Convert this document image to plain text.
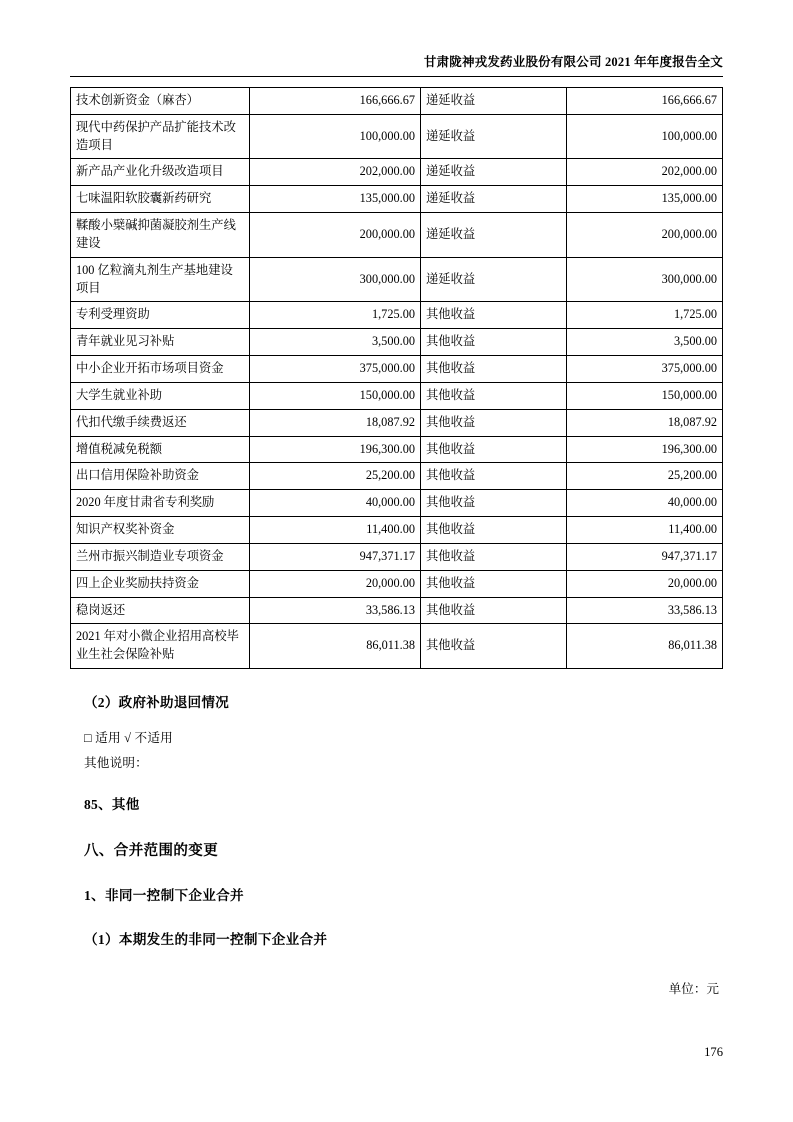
甘肃陇神戎发药业股份有限公司 2021 年年度报告全文
技术创新资金（麻杏）	166,666.67	递延收益	166,666.67
现代中药保护产品扩能技术改造项目	100,000.00	递延收益	100,000.00
新产品产业化升级改造项目	202,000.00	递延收益	202,000.00
七味温阳软胶囊新药研究	135,000.00	递延收益	135,000.00
鞣酸小檗碱抑菌凝胶剂生产线建设	200,000.00	递延收益	200,000.00
100 亿粒滴丸剂生产基地建设项目	300,000.00	递延收益	300,000.00
专利受理资助	1,725.00	其他收益	1,725.00
青年就业见习补贴	3,500.00	其他收益	3,500.00
中小企业开拓市场项目资金	375,000.00	其他收益	375,000.00
大学生就业补助	150,000.00	其他收益	150,000.00
代扣代缴手续费返还	18,087.92	其他收益	18,087.92
增值税减免税额	196,300.00	其他收益	196,300.00
出口信用保险补助资金	25,200.00	其他收益	25,200.00
2020 年度甘肃省专利奖励	40,000.00	其他收益	40,000.00
知识产权奖补资金	11,400.00	其他收益	11,400.00
兰州市振兴制造业专项资金	947,371.17	其他收益	947,371.17
四上企业奖励扶持资金	20,000.00	其他收益	20,000.00
稳岗返还	33,586.13	其他收益	33,586.13
2021 年对小微企业招用高校毕业生社会保险补贴	86,011.38	其他收益	86,011.38
（2）政府补助退回情况
□ 适用 √ 不适用
其他说明：
85、其他
八、合并范围的变更
1、非同一控制下企业合并
（1）本期发生的非同一控制下企业合并
单位：元
176
